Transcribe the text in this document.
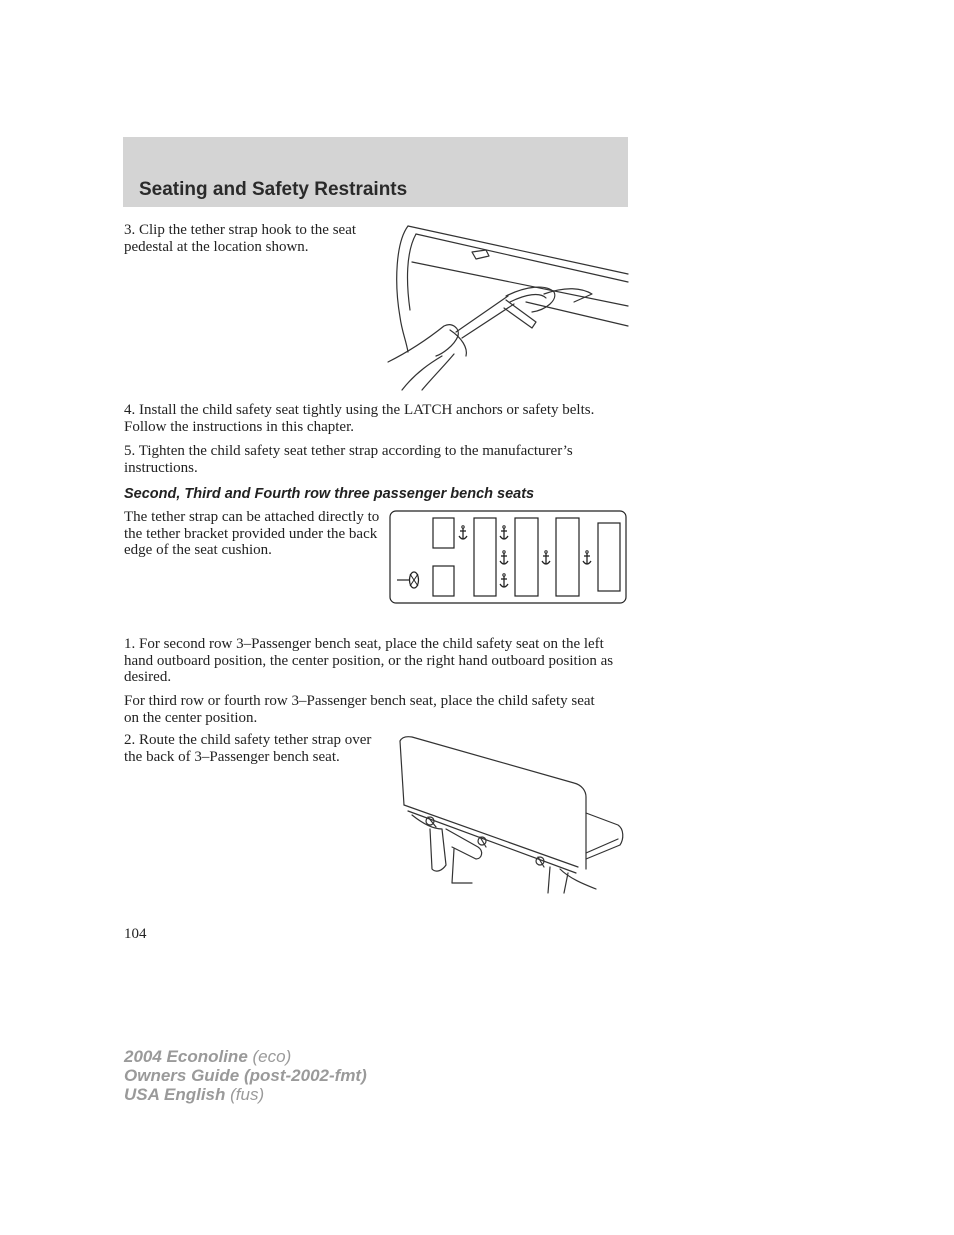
Seating and Safety Restraints

3. Clip the tether strap hook to the seat pedestal at the location shown.

4. Install the child safety seat tightly using the LATCH anchors or safety belts. Follow the instructions in this chapter.

5. Tighten the child safety seat tether strap according to the manufacturer’s instructions.

Second, Third and Fourth row three passenger bench seats

The tether strap can be attached directly to the tether bracket provided under the back edge of the seat cushion.

1. For second row 3–Passenger bench seat, place the child safety seat on the left hand outboard position, the center position, or the right hand outboard position as desired.

For third row or fourth row 3–Passenger bench seat, place the child safety seat on the center position.

2. Route the child safety tether strap over the back of 3–Passenger bench seat.

104
2004 Econoline (eco)
Owners Guide (post-2002-fmt)
USA English (fus)
